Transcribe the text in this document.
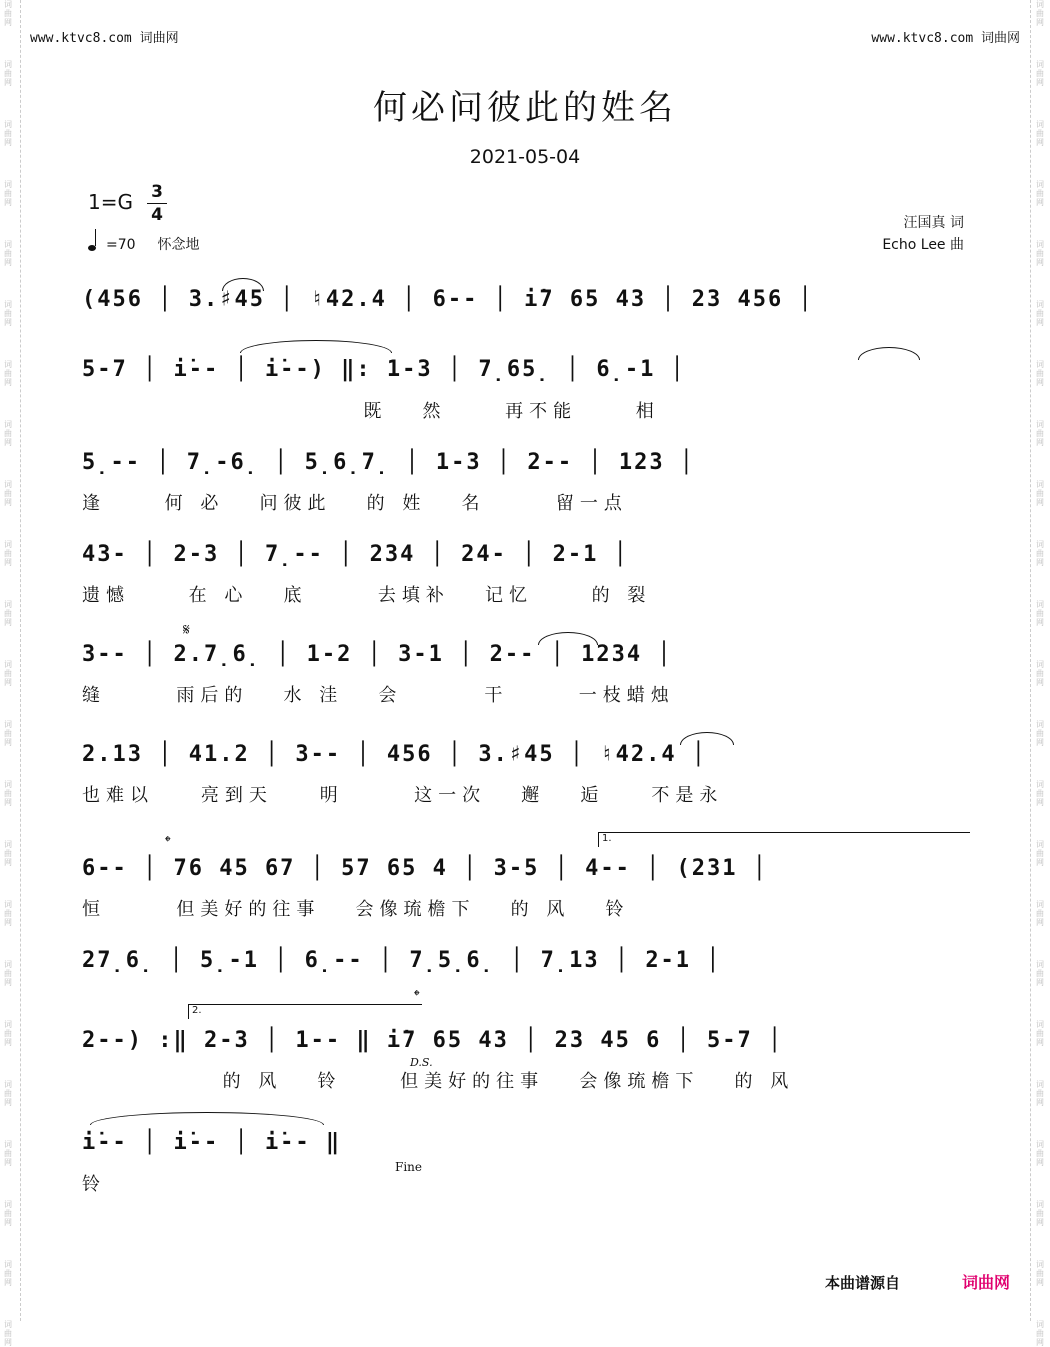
词
曲
网
词
曲
网
词
曲
网
词
曲
网
词
曲
网
词
曲
网
词
曲
网
词
曲
网
词
曲
网
词
曲
网
词
曲
网
词
曲
网
词
曲
网
词
曲
网
词
曲
网
词
曲
网
词
曲
网
词
曲
网
词
曲
网
词
曲
网
词
曲
网
词
曲
网
词
曲
网
词
曲
网
词
曲
网
词
曲
网
词
曲
网
词
曲
网
词
曲
网
词
曲
网
词
曲
网
词
曲
网
词
曲
网
词
曲
网
词
曲
网
词
曲
网
词
曲
网
词
曲
网
词
曲
网
词
曲
网
词
曲
网
词
曲
网
词
曲
网
词
曲
网
词
曲
网
词
曲
网
www.ktvc8.com 词曲网	www.ktvc8.com 词曲网
何必问彼此的姓名
2021-05-04
1=G 3
4
=70 怀念地
汪国真 词
Echo Lee 曲
(456 │ 3.♯45 │ ♮42.4 │ 6-- │ i̇7 65 43 │ 23 456 │
5-7 │ i̇-- │ i̇--) ‖: 1-3 │ 7̣65̣ │ 6̣-1 │
既   然     再不能     相
5̣-- │ 7̣-6̣ │ 5̣6̣7̣ │ 1-3 │ 2-- │ 123 │
逢     何 必   问彼此   的 姓   名      留一点
43- │ 2-3 │ 7̣-- │ 234 │ 24- │ 2-1 │
遗憾     在 心   底      去填补   记忆     的 裂
𝄋
3-- │ 2.7̣6̣ │ 1-2 │ 3-1 │ 2-- │ 1234 │
缝      雨后的   水 洼   会       干      一枝蜡烛
2.13 │ 41.2 │ 3-- │ 456 │ 3.♯45 │ ♮42.4 │
也难以    亮到天    明      这一次   邂   逅    不是永
𝄌	1.
6-- │ 76 45 67 │ 57 65 4 │ 3-5 │ 4-- │ (231 │
恒      但美好的往事   会像琉檐下   的 风   铃
27̣6̣ │ 5̣-1 │ 6̣-- │ 7̣5̣6̣ │ 7̣13 │ 2-1 │
2.
𝄌
2--) :‖ 2-3 │ 1-- ‖ i̇7 65 43 │ 23 45 6 │ 5-7 │
D.S.
的 风   铃     但美好的往事   会像琉檐下   的 风
i̇-- │ i̇-- │ i̇-- ‖
Fine
铃
本曲谱源自	词曲网
